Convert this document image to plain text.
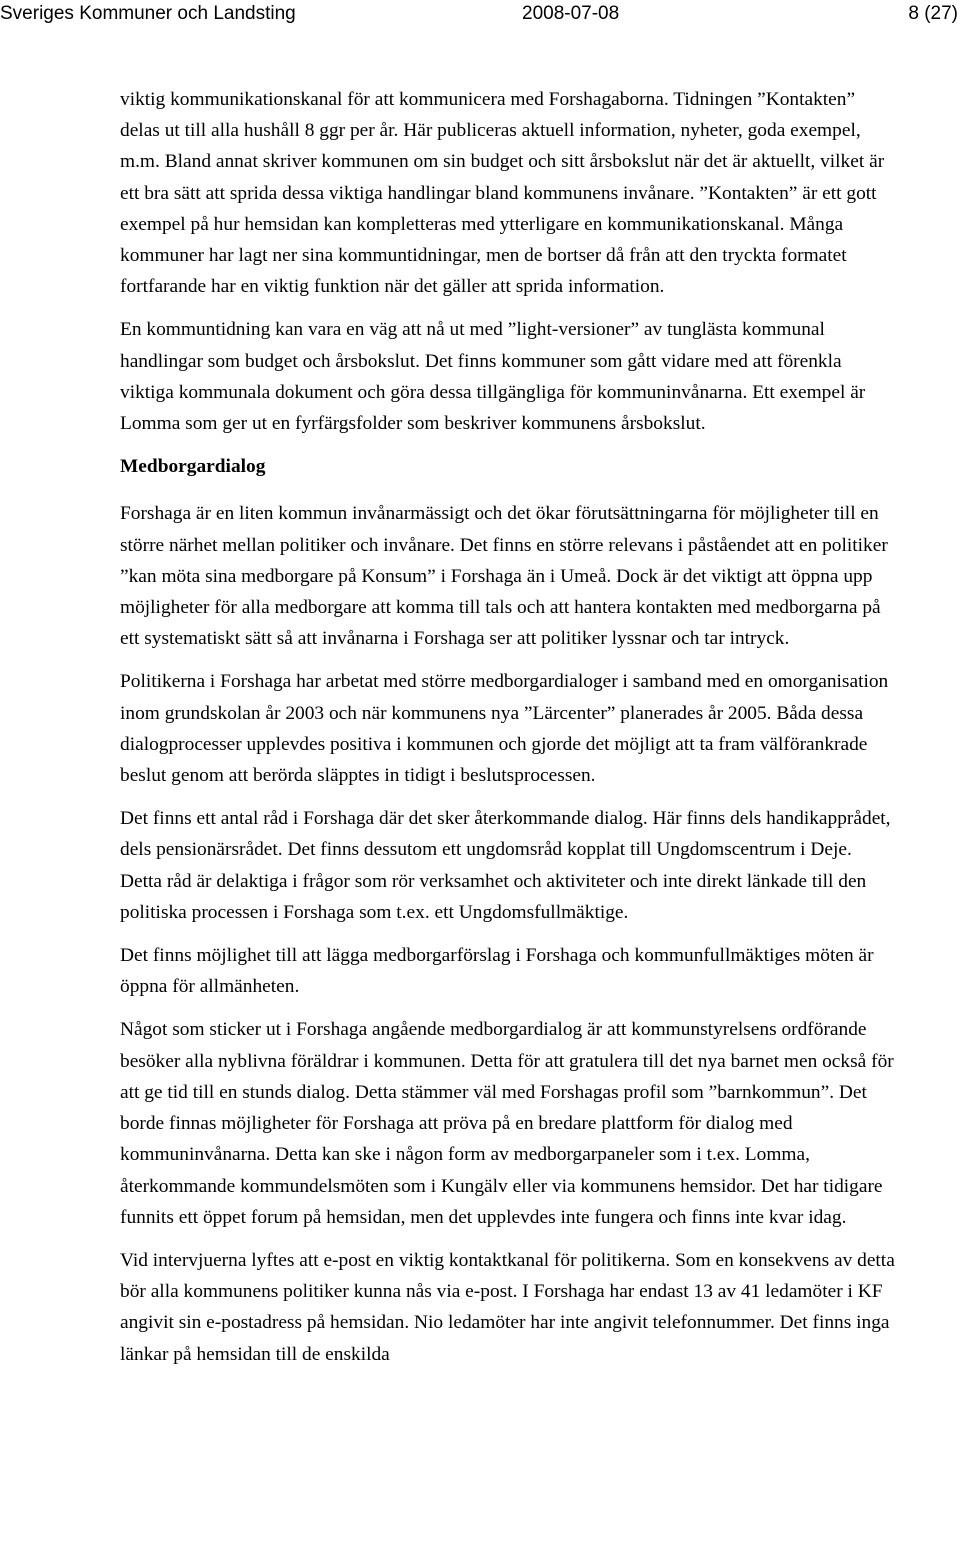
Sveriges Kommuner och Landsting	2008-07-08	8 (27)

viktig kommunikationskanal för att kommunicera med Forshagaborna. Tidningen ”Kontakten” delas ut till alla hushåll 8 ggr per år. Här publiceras aktuell information, nyheter, goda exempel, m.m. Bland annat skriver kommunen om sin budget och sitt årsbokslut när det är aktuellt, vilket är ett bra sätt att sprida dessa viktiga handlingar bland kommunens invånare. ”Kontakten” är ett gott exempel på hur hemsidan kan kompletteras med ytterligare en kommunikationskanal. Många kommuner har lagt ner sina kommuntidningar, men de bortser då från att den tryckta formatet fortfarande har en viktig funktion när det gäller att sprida information.

En kommuntidning kan vara en väg att nå ut med ”light-versioner” av tunglästa kommunal handlingar som budget och årsbokslut. Det finns kommuner som gått vidare med att förenkla viktiga kommunala dokument och göra dessa tillgängliga för kommuninvånarna. Ett exempel är Lomma som ger ut en fyrfärgsfolder som beskriver kommunens årsbokslut.

Medborgardialog

Forshaga är en liten kommun invånarmässigt och det ökar förutsättningarna för möjligheter till en större närhet mellan politiker och invånare. Det finns en större relevans i påståendet att en politiker ”kan möta sina medborgare på Konsum” i Forshaga än i Umeå. Dock är det viktigt att öppna upp möjligheter för alla medborgare att komma till tals och att hantera kontakten med medborgarna på ett systematiskt sätt så att invånarna i Forshaga ser att politiker lyssnar och tar intryck.

Politikerna i Forshaga har arbetat med större medborgardialoger i samband med en omorganisation inom grundskolan år 2003 och när kommunens nya ”Lärcenter” planerades år 2005. Båda dessa dialogprocesser upplevdes positiva i kommunen och gjorde det möjligt att ta fram välförankrade beslut genom att berörda släpptes in tidigt i beslutsprocessen.

Det finns ett antal råd i Forshaga där det sker återkommande dialog. Här finns dels handikapprådet, dels pensionärsrådet. Det finns dessutom ett ungdomsråd kopplat till Ungdomscentrum i Deje. Detta råd är delaktiga i frågor som rör verksamhet och aktiviteter och inte direkt länkade till den politiska processen i Forshaga som t.ex. ett Ungdomsfullmäktige.

Det finns möjlighet till att lägga medborgarförslag i Forshaga och kommunfullmäktiges möten är öppna för allmänheten.

Något som sticker ut i Forshaga angående medborgardialog är att kommunstyrelsens ordförande besöker alla nyblivna föräldrar i kommunen. Detta för att gratulera till det nya barnet men också för att ge tid till en stunds dialog. Detta stämmer väl med Forshagas profil som ”barnkommun”. Det borde finnas möjligheter för Forshaga att pröva på en bredare plattform för dialog med kommuninvånarna. Detta kan ske i någon form av medborgarpaneler som i t.ex. Lomma, återkommande kommundelsmöten som i Kungälv eller via kommunens hemsidor. Det har tidigare funnits ett öppet forum på hemsidan, men det upplevdes inte fungera och finns inte kvar idag.

Vid intervjuerna lyftes att e-post en viktig kontaktkanal för politikerna. Som en konsekvens av detta bör alla kommunens politiker kunna nås via e-post. I Forshaga har endast 13 av 41 ledamöter i KF angivit sin e-postadress på hemsidan. Nio ledamöter har inte angivit telefonnummer. Det finns inga länkar på hemsidan till de enskilda
